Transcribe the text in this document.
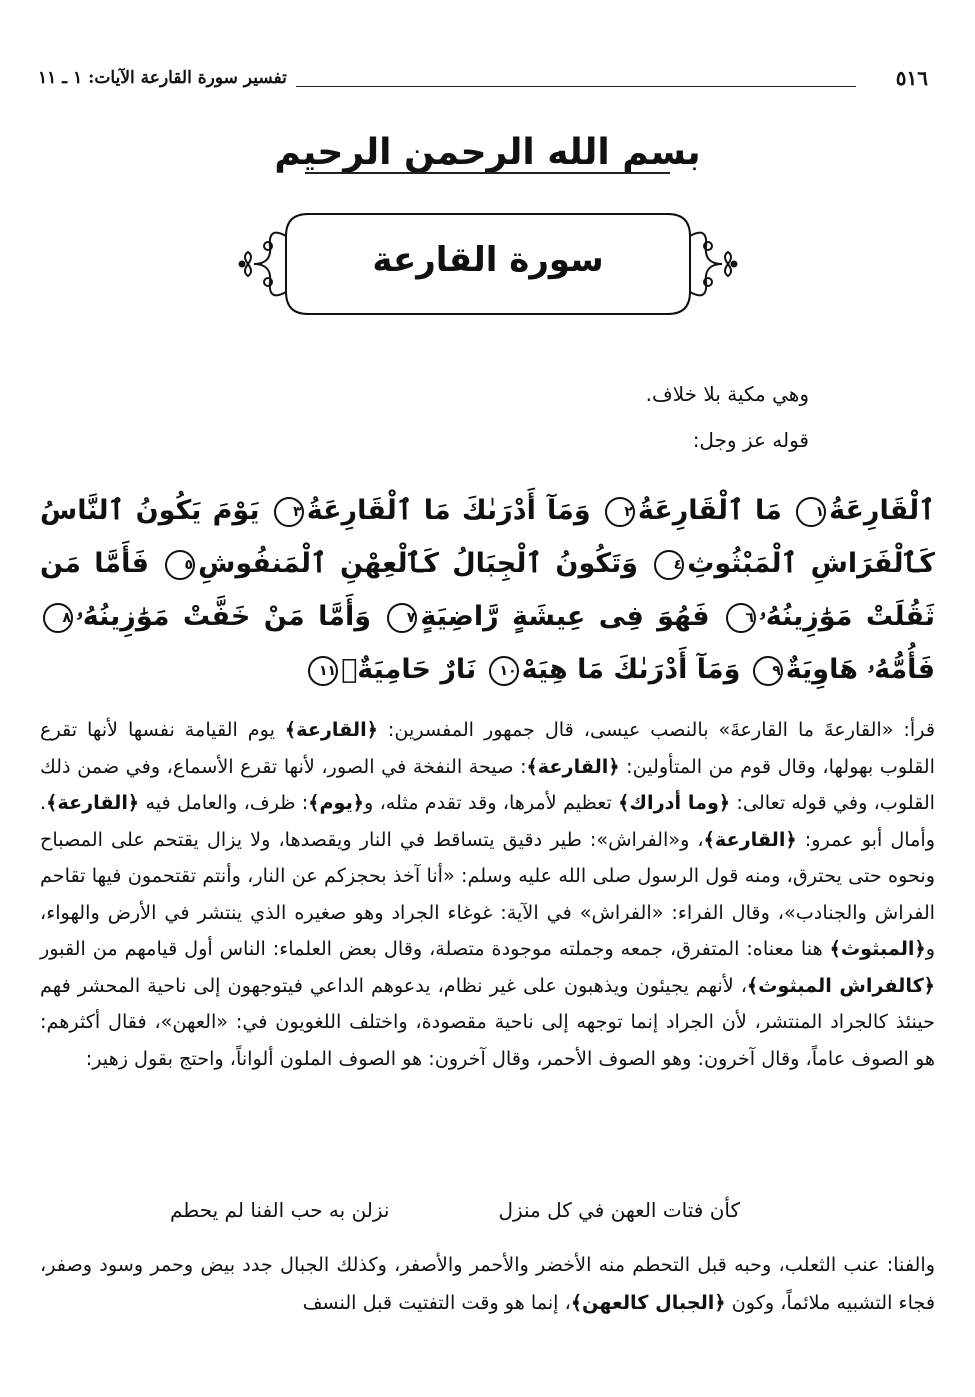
٥١٦
تفسير سورة القارعة الآيات: ١ ـ ١١
بسم الله الرحمن الرحيم
سورة القارعة
وهي مكية بلا خلاف.
قوله عز وجل:
ٱلْقَارِعَةُ١ مَا ٱلْقَارِعَةُ٢ وَمَآ أَدْرَىٰكَ مَا ٱلْقَارِعَةُ٣ يَوْمَ يَكُونُ ٱلنَّاسُ كَٱلْفَرَاشِ ٱلْمَبْثُوثِ٤ وَتَكُونُ ٱلْجِبَالُ كَٱلْعِهْنِ ٱلْمَنفُوشِ٥ فَأَمَّا مَن ثَقُلَتْ مَوَٰزِينُهُۥ٦ فَهُوَ فِى عِيشَةٍ رَّاضِيَةٍ٧ وَأَمَّا مَنْ خَفَّتْ مَوَٰزِينُهُۥ٨ فَأُمُّهُۥ هَاوِيَةٌ٩ وَمَآ أَدْرَىٰكَ مَا هِيَهْ١٠ نَارٌ حَامِيَةٌۢ١١
قرأ: «القارعةَ ما القارعةَ» بالنصب عيسى، قال جمهور المفسرين: ﴿القارعة﴾ يوم القيامة نفسها لأنها تقرع القلوب بهولها، وقال قوم من المتأولين: ﴿القارعة﴾: صيحة النفخة في الصور، لأنها تقرع الأسماع، وفي ضمن ذلك القلوب، وفي قوله تعالى: ﴿وما أدراك﴾ تعظيم لأمرها، وقد تقدم مثله، و﴿يوم﴾: ظرف، والعامل فيه ﴿القارعة﴾. وأمال أبو عمرو: ﴿القارعة﴾، و«الفراش»: طير دقيق يتساقط في النار ويقصدها، ولا يزال يقتحم على المصباح ونحوه حتى يحترق، ومنه قول الرسول صلى الله عليه وسلم: «أنا آخذ بحجزكم عن النار، وأنتم تقتحمون فيها تقاحم الفراش والجنادب»، وقال الفراء: «الفراش» في الآية: غوغاء الجراد وهو صغيره الذي ينتشر في الأرض والهواء، و﴿المبثوث﴾ هنا معناه: المتفرق، جمعه وجملته موجودة متصلة، وقال بعض العلماء: الناس أول قيامهم من القبور ﴿كالفراش المبثوث﴾، لأنهم يجيئون ويذهبون على غير نظام، يدعوهم الداعي فيتوجهون إلى ناحية المحشر فهم حينئذ كالجراد المنتشر، لأن الجراد إنما توجهه إلى ناحية مقصودة، واختلف اللغويون في: «العهن»، فقال أكثرهم: هو الصوف عاماً، وقال آخرون: وهو الصوف الأحمر، وقال آخرون: هو الصوف الملون ألواناً، واحتج بقول زهير:
كأن فتات العهن في كل منزل
نزلن به حب الفنا لم يحطم
والفنا: عنب الثعلب، وحبه قبل التحطم منه الأخضر والأحمر والأصفر، وكذلك الجبال جدد بيض وحمر وسود وصفر، فجاء التشبيه ملائماً، وكون ﴿الجبال كالعهن﴾، إنما هو وقت التفتيت قبل النسف
